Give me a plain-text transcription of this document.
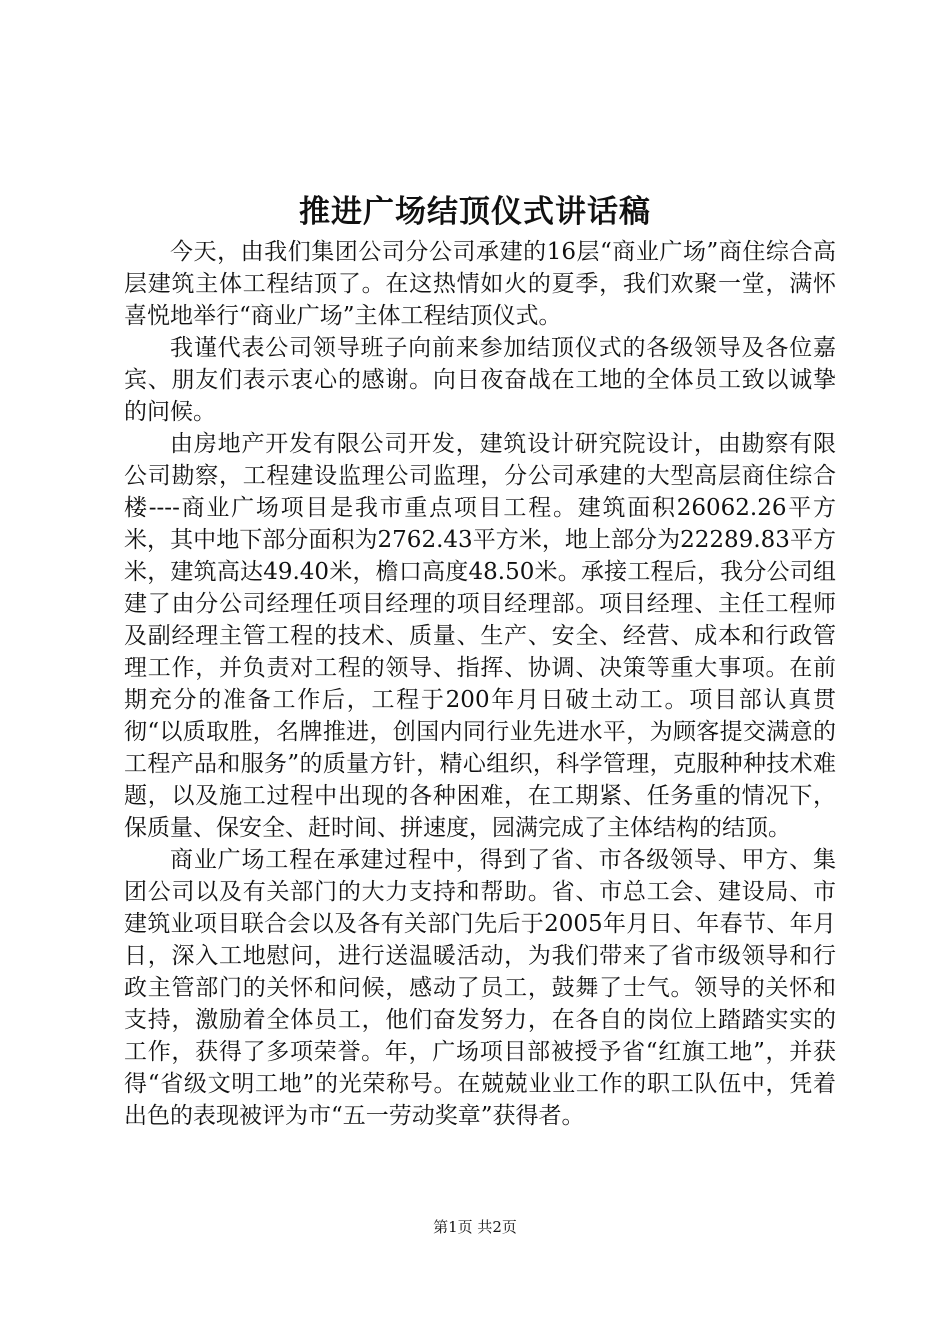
推进广场结顶仪式讲话稿

今天，由我们集团公司分公司承建的16层“商业广场”商住综合高层建筑主体工程结顶了。在这热情如火的夏季，我们欢聚一堂，满怀喜悦地举行“商业广场”主体工程结顶仪式。

我谨代表公司领导班子向前来参加结顶仪式的各级领导及各位嘉宾、朋友们表示衷心的感谢。向日夜奋战在工地的全体员工致以诚挚的问候。

由房地产开发有限公司开发，建筑设计研究院设计，由勘察有限公司勘察，工程建设监理公司监理，分公司承建的大型高层商住综合楼----商业广场项目是我市重点项目工程。建筑面积26062.26平方米，其中地下部分面积为2762.43平方米，地上部分为22289.83平方米，建筑高达49.40米，檐口高度48.50米。承接工程后，我分公司组建了由分公司经理任项目经理的项目经理部。项目经理、主任工程师及副经理主管工程的技术、质量、生产、安全、经营、成本和行政管理工作，并负责对工程的领导、指挥、协调、决策等重大事项。在前期充分的准备工作后，工程于200年月日破土动工。项目部认真贯彻“以质取胜，名牌推进，创国内同行业先进水平，为顾客提交满意的工程产品和服务”的质量方针，精心组织，科学管理，克服种种技术难题，以及施工过程中出现的各种困难，在工期紧、任务重的情况下，保质量、保安全、赶时间、拼速度，园满完成了主体结构的结顶。

商业广场工程在承建过程中，得到了省、市各级领导、甲方、集团公司以及有关部门的大力支持和帮助。省、市总工会、建设局、市建筑业项目联合会以及各有关部门先后于2005年月日、年春节、年月日，深入工地慰问，进行送温暖活动，为我们带来了省市级领导和行政主管部门的关怀和问候，感动了员工，鼓舞了士气。领导的关怀和支持，激励着全体员工，他们奋发努力，在各自的岗位上踏踏实实的工作，获得了多项荣誉。年，广场项目部被授予省“红旗工地”，并获得“省级文明工地”的光荣称号。在兢兢业业工作的职工队伍中，凭着出色的表现被评为市“五一劳动奖章”获得者。

第1页 共2页
